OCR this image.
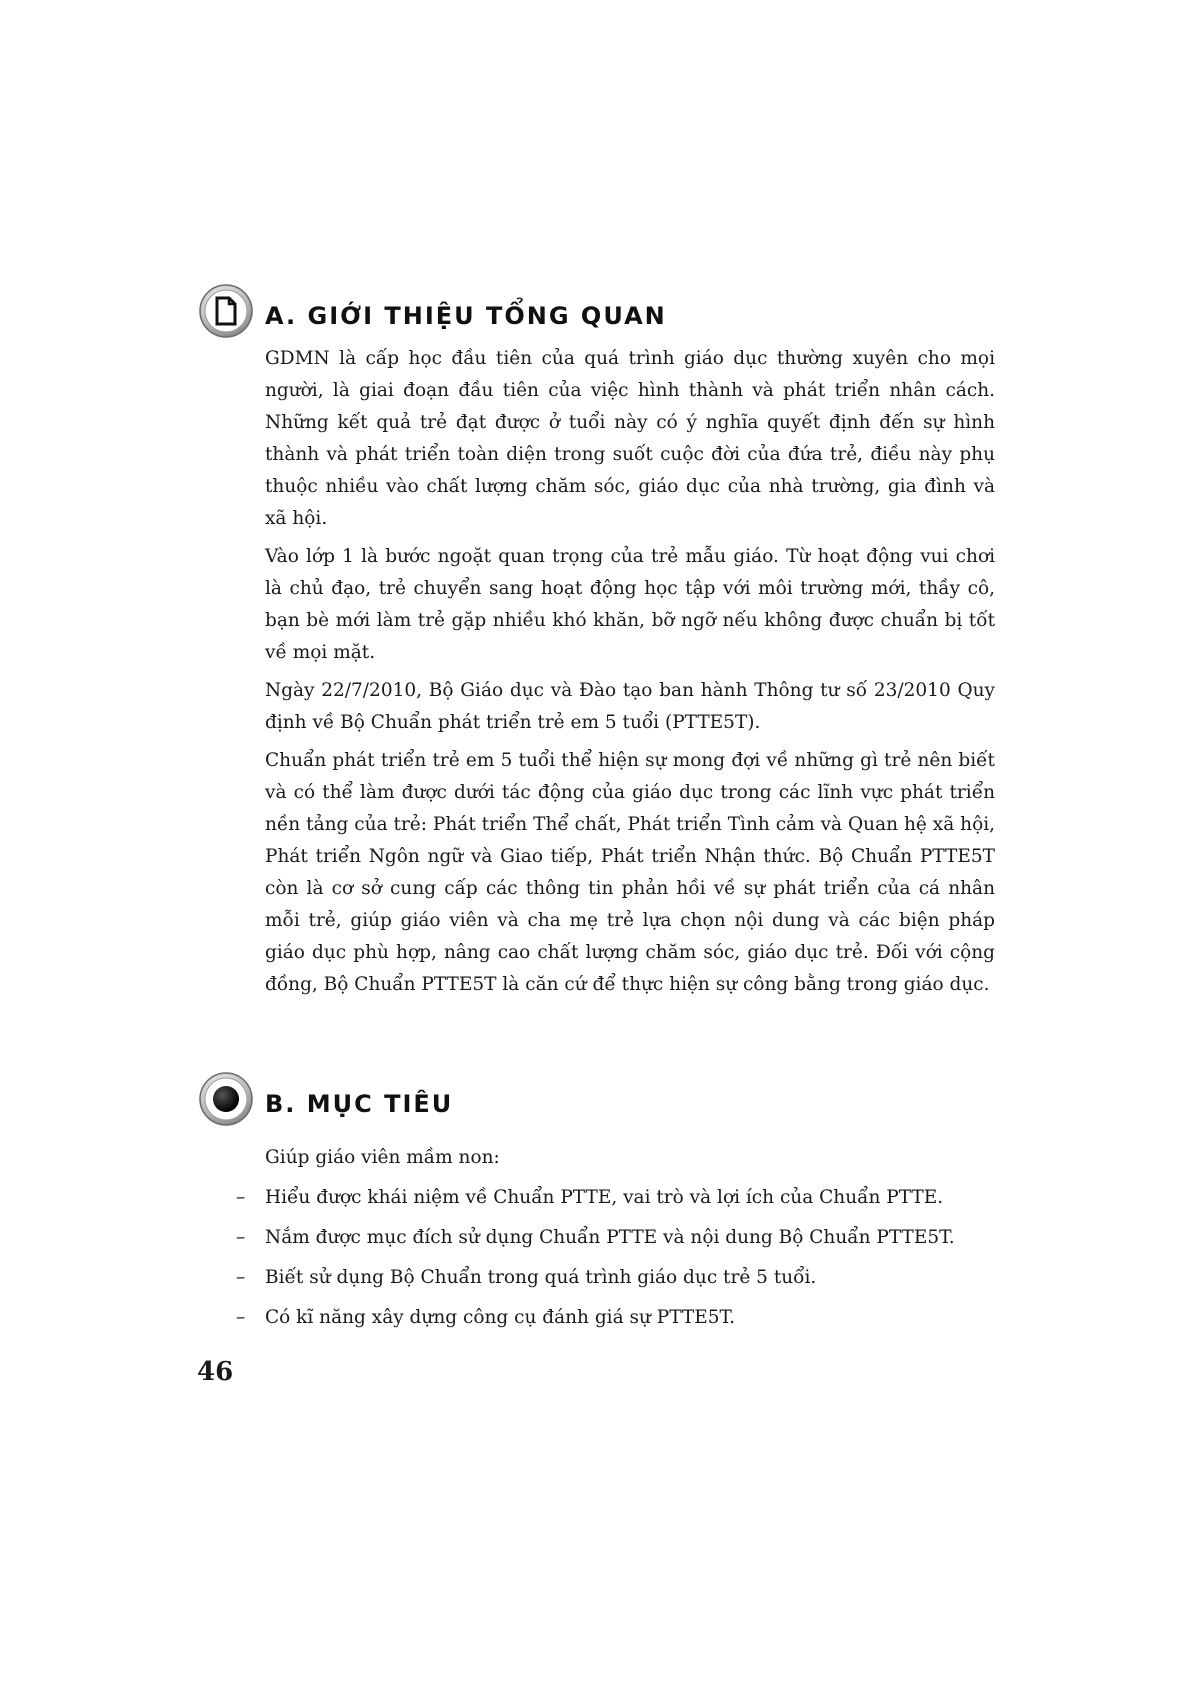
A. GIỚI THIỆU TỔNG QUAN

GDMN là cấp học đầu tiên của quá trình giáo dục thường xuyên cho mọi người, là giai đoạn đầu tiên của việc hình thành và phát triển nhân cách. Những kết quả trẻ đạt được ở tuổi này có ý nghĩa quyết định đến sự hình thành và phát triển toàn diện trong suốt cuộc đời của đứa trẻ, điều này phụ thuộc nhiều vào chất lượng chăm sóc, giáo dục của nhà trường, gia đình và xã hội.

Vào lớp 1 là bước ngoặt quan trọng của trẻ mẫu giáo. Từ hoạt động vui chơi là chủ đạo, trẻ chuyển sang hoạt động học tập với môi trường mới, thầy cô, bạn bè mới làm trẻ gặp nhiều khó khăn, bỡ ngỡ nếu không được chuẩn bị tốt về mọi mặt.

Ngày 22/7/2010, Bộ Giáo dục và Đào tạo ban hành Thông tư số 23/2010 Quy định về Bộ Chuẩn phát triển trẻ em 5 tuổi (PTTE5T).

Chuẩn phát triển trẻ em 5 tuổi thể hiện sự mong đợi về những gì trẻ nên biết và có thể làm được dưới tác động của giáo dục trong các lĩnh vực phát triển nền tảng của trẻ: Phát triển Thể chất, Phát triển Tình cảm và Quan hệ xã hội, Phát triển Ngôn ngữ và Giao tiếp, Phát triển Nhận thức. Bộ Chuẩn PTTE5T còn là cơ sở cung cấp các thông tin phản hồi về sự phát triển của cá nhân mỗi trẻ, giúp giáo viên và cha mẹ trẻ lựa chọn nội dung và các biện pháp giáo dục phù hợp, nâng cao chất lượng chăm sóc, giáo dục trẻ. Đối với cộng đồng, Bộ Chuẩn PTTE5T là căn cứ để thực hiện sự công bằng trong giáo dục.

B. MỤC TIÊU

Giúp giáo viên mầm non:

– Hiểu được khái niệm về Chuẩn PTTE, vai trò và lợi ích của Chuẩn PTTE.
– Nắm được mục đích sử dụng Chuẩn PTTE và nội dung Bộ Chuẩn PTTE5T.
– Biết sử dụng Bộ Chuẩn trong quá trình giáo dục trẻ 5 tuổi.
– Có kĩ năng xây dựng công cụ đánh giá sự PTTE5T.

46
